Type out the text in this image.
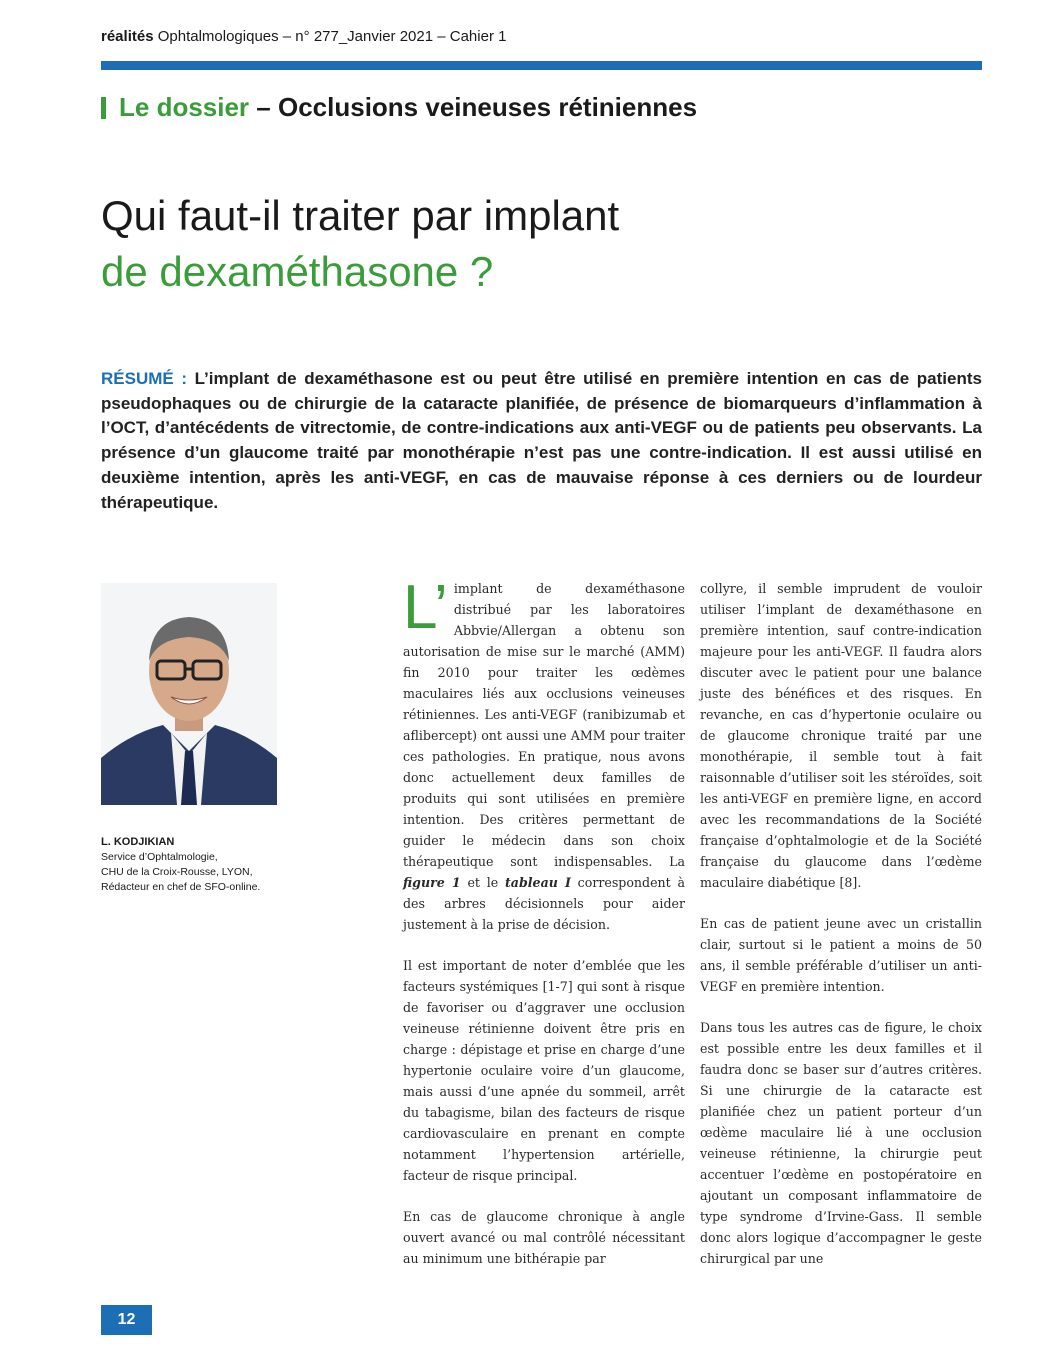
réalités Ophtalmologiques – n° 277_Janvier 2021 – Cahier 1
Le dossier
– Occlusions veineuses rétiniennes
Qui faut-il traiter par implant
de dexaméthasone ?
RÉSUMÉ : L’implant de dexaméthasone est ou peut être utilisé en première intention en cas de patients pseudophaques ou de chirurgie de la cataracte planifiée, de présence de biomarqueurs d’inflammation à l’OCT, d’antécédents de vitrectomie, de contre-indications aux anti-VEGF ou de patients peu observants. La présence d’un glaucome traité par monothérapie n’est pas une contre-indication. Il est aussi utilisé en deuxième intention, après les anti-VEGF, en cas de mauvaise réponse à ces derniers ou de lourdeur thérapeutique.
L. KODJIKIAN
Service d’Ophtalmologie,
CHU de la Croix-Rousse, LYON,
Rédacteur en chef de SFO-online.

L’ implant de dexaméthasone distribué par les laboratoires Abbvie/Allergan a obtenu son autorisation de mise sur le marché (AMM) fin 2010 pour traiter les œdèmes maculaires liés aux occlusions veineuses rétiniennes. Les anti-VEGF (ranibizumab et aflibercept) ont aussi une AMM pour traiter ces pathologies. En pratique, nous avons donc actuellement deux familles de produits qui sont utilisées en première intention. Des critères permettant de guider le médecin dans son choix thérapeutique sont indispensables. La figure 1 et le tableau I correspondent à des arbres décisionnels pour aider justement à la prise de décision.

Il est important de noter d’emblée que les facteurs systémiques [1-7] qui sont à risque de favoriser ou d’aggraver une occlusion veineuse rétinienne doivent être pris en charge : dépistage et prise en charge d’une hypertonie oculaire voire d’un glaucome, mais aussi d’une apnée du sommeil, arrêt du tabagisme, bilan des facteurs de risque cardiovasculaire en prenant en compte notamment l’hypertension artérielle, facteur de risque principal.

En cas de glaucome chronique à angle ouvert avancé ou mal contrôlé nécessitant au minimum une bithérapie par

collyre, il semble imprudent de vouloir utiliser l’implant de dexaméthasone en première intention, sauf contre-indication majeure pour les anti-VEGF. Il faudra alors discuter avec le patient pour une balance juste des bénéfices et des risques. En revanche, en cas d’hypertonie oculaire ou de glaucome chronique traité par une monothérapie, il semble tout à fait raisonnable d’utiliser soit les stéroïdes, soit les anti-VEGF en première ligne, en accord avec les recommandations de la Société française d’ophtalmologie et de la Société française du glaucome dans l’œdème maculaire diabétique [8].

En cas de patient jeune avec un cristallin clair, surtout si le patient a moins de 50 ans, il semble préférable d’utiliser un anti-VEGF en première intention.

Dans tous les autres cas de figure, le choix est possible entre les deux familles et il faudra donc se baser sur d’autres critères. Si une chirurgie de la cataracte est planifiée chez un patient porteur d’un œdème maculaire lié à une occlusion veineuse rétinienne, la chirurgie peut accentuer l’œdème en postopératoire en ajoutant un composant inflammatoire de type syndrome d’Irvine-Gass. Il semble donc alors logique d’accompagner le geste chirurgical par une

12
